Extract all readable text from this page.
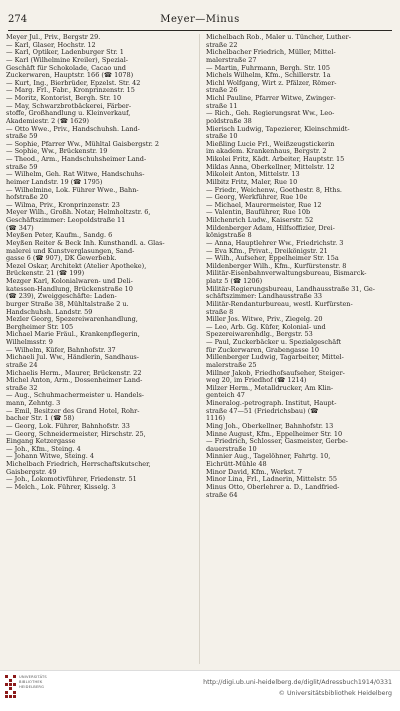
274	Meyer—Minus
Meyer Jul., Priv., Bergstr 29.
— Karl, Glaser, Hochstr. 12
— Karl, Optiker, Ladenburger Str. 1
— Karl (Wilhelmine Kreiler), Spezial-
Geschäft für Schokolade, Cacao und
Zuckerwaren, Hauptstr. 166 (☎ 1078)
— Kurt, Ing., Bierbrüder, Epzelst. Str. 42
— Marg. Frl., Fabr., Kronprinzenstr. 15
— Moritz, Kontorist, Bergh. Str. 10
— May, Schwarzbrotbäckerei, Färber-
stoffe, Großhandlung u. Kleinverkauf,
Akademiestr. 2 (☎ 1629)
— Otto Wwe., Priv., Handschuhsh. Land-
straße 59
— Sophie, Pfarrer Ww., Mühltal Gaisbergstr. 2
— Sophie, Ww., Brückenstr. 19
— Theod., Arm., Handschuhsheimer Land-
straße 59
— Wilhelm, Geh. Rat Witwe, Handschuhs-
heimer Landstr. 19 (☎ 1795)
— Wilhelmine, Lok. Führer Wwe., Bahn-
hofstraße 20
— Wilma, Priv., Kronprinzenstr. 23
Meyer Wilh., Großh. Notar, Helmholtzstr. 6,
Geschäftszimmer: Leopoldstraße 11
(☎ 347)
Meyßen Peter, Kaufm., Sandg. 6
Meyßen Reiter & Beck Inh. Kunsthandl. a. Glas-
malerei und Kunstverglasungen, Sand-
gasse 6 (☎ 907), DK Gewerbebk.
Mezel Oskar, Architekt (Atelier Apotheke),
Brückenstr. 21 (☎ 199)
Mezger Karl, Kolonialwaren- und Deli-
katessen-Handlung, Brückenstraße 10
(☎ 239), Zweiggeschäfte: Laden-
burger Straße 38, Mühltalstraße 2 u.
Handschuhsh. Landstr. 59
Mezler Georg, Spezereiwarenhandlung,
Bergheimer Str. 105
Michael Marie Fräul., Krankenpflegerin,
Wilhelmsstr. 9
— Wilhelm, Küfer, Bahnhofstr. 37
Michaeli Jul. Ww., Händlerin, Sandhaus-
straße 24
Michaelis Herm., Maurer, Brückenstr. 22
Michel Anton, Arm., Dossenheimer Land-
straße 32
— Aug., Schuhmachermeister u. Handels-
mann, Zehntg. 3
— Emil, Besitzer des Grand Hotel, Rohr-
bacher Str. 1 (☎ 58)
— Georg, Lok. Führer, Bahnhofstr. 33
— Georg, Schneidermeister, Hirschstr. 25,
Eingang Ketzergasse
— Joh., Kfm., Steing. 4
— Johann Witwe, Steing. 4
Michelbach Friedrich, Herrschaftskutscher,
Gaisbergstr. 49
— Joh., Lokomotivführer, Friedenstr. 51
— Melch., Lok. Führer, Kisselg. 3
Michelbach Rob., Maler u. Tüncher, Luther-
straße 22
Michelbacher Friedrich, Müller, Mittel-
malerstraße 27
— Martin, Fuhrmann, Bergh. Str. 105
Michels Wilhelm, Kfm., Schillerstr. 1a
Michl Wolfgang, Wirt z. Pfälzer, Römer-
straße 26
Michl Pauline, Pfarrer Witwe, Zwinger-
straße 11
— Rich., Geh. Regierungsrat Ww., Leo-
poldstraße 38
Mierisch Ludwig, Tapezierer, Kleinschmidt-
straße 10
Mießling Lucie Frl., Weißzeugstickerin
im akadem. Krankenhaus, Bergstr. 2
Mikolei Fritz, Kädt. Arbeiter, Hauptstr. 15
Miklas Anna, Oberkellner, Mittelstr. 12
Mikoleit Anton, Mittelstr. 13
Milbitz Fritz, Maler, Rue 10
— Friedr., Weichenw., Goethestr. 8, Hths.
— Georg, Werkführer, Rue 10e
— Michael, Maurermeister, Rue 12
— Valentin, Bauführer, Rue 10b
Milchenrich Ludw., Kaiserstr. 52
Mildenberger Adam, Hilfsoffizier, Drei-
königstraße 8
— Anna, Hauptlehrer Ww., Friedrichstr. 3
— Eva Kfm., Privat., Dreikönigstr. 21
— Wilh., Aufseher, Eppelheimer Str. 15a
Mildenberger Wilh., Kfm., Kurfürstenstr. 8
Militär-Eisenbahnverwaltungsbureau, Bismarck-
platz 5 (☎ 1206)
Militär-Regierungsbureau, Landhausstraße 31, Ge-
schäftszimmer: Landhausstraße 33
Militär-Rendanturbureau, westl. Kurfürsten-
straße 8
Miller Jos. Witwe, Priv., Ziegelg. 20
— Leo, Arb. Gg. Küfer, Kolonial- und
Spezereiwarenhdlg., Bergstr. 53
— Paul, Zuckerbäcker u. Spezialgeschäft
für Zuckerwaren, Grabengasse 10
Millenberger Ludwig, Tagarbeiter, Mittel-
malerstraße 25
Millner Jakob, Friedhofsaufseher, Steiger-
weg 20, im Friedhof (☎ 1214)
Milzer Herm., Metalldrucker, Am Klin-
genteich 47
Mineralog.-petrograph. Institut, Haupt-
straße 47—51 (Friedrichsbau) (☎
1116)
Ming Joh., Oberkellner, Bahnhofstr. 13
Minne August, Kfm., Eppelheimer Str. 10
— Friedrich, Schlosser, Gasmeister, Gerbe-
dauerstraße 10
Minnier Aug., Tagelöhner, Fahrtg. 10,
Eichrütt-Mühle 48
Minor David, Kfm., Werkst. 7
Minor Lina, Frl., Ladnerin, Mittelstr. 55
Minus Otto, Oberlehrer a. D., Landfried-
straße 64
UNIVERSITÄTS
BIBLIOTHEK
HEIDELBERG
http://digi.ub.uni-heidelberg.de/diglit/Adressbuch1914/0331
© Universitätsbibliothek Heidelberg
